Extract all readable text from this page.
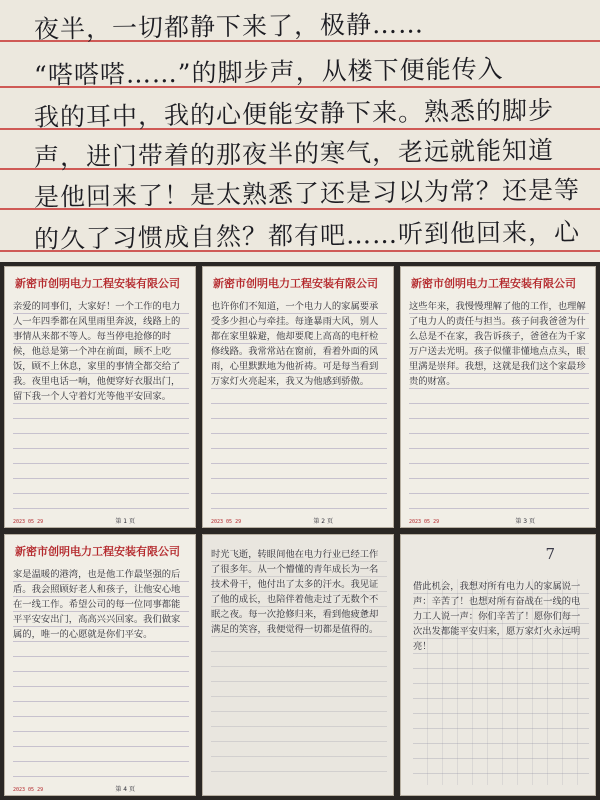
夜半，一切都静下来了，极静……
“嗒嗒嗒……”的脚步声，从楼下便能传入
我的耳中，我的心便能安静下来。熟悉的脚步
声，进门带着的那夜半的寒气，老远就能知道
是他回来了！是太熟悉了还是习以为常？还是等
的久了习惯成自然？都有吧……听到他回来，心
新密市创明电力工程安装有限公司
亲爱的同事们，大家好！一个工作的电力人一年四季都在风里雨里奔波，线路上的事情从来都不等人。每当停电抢修的时候，他总是第一个冲在前面，顾不上吃饭，顾不上休息，家里的事情全都交给了我。夜里电话一响，他便穿好衣服出门，留下我一个人守着灯光等他平安回家。
2023 05 29	第 1 页
新密市创明电力工程安装有限公司
也许你们不知道，一个电力人的家属要承受多少担心与牵挂。每逢暴雨大风，别人都在家里躲避，他却要爬上高高的电杆检修线路。我常常站在窗前，看着外面的风雨，心里默默地为他祈祷。可是每当看到万家灯火亮起来，我又为他感到骄傲。
2023 05 29	第 2 页
新密市创明电力工程安装有限公司
这些年来，我慢慢理解了他的工作，也理解了电力人的责任与担当。孩子问我爸爸为什么总是不在家，我告诉孩子，爸爸在为千家万户送去光明。孩子似懂非懂地点点头，眼里满是崇拜。我想，这就是我们这个家最珍贵的财富。
2023 05 29	第 3 页
新密市创明电力工程安装有限公司
家是温暖的港湾，也是他工作最坚强的后盾。我会照顾好老人和孩子，让他安心地在一线工作。希望公司的每一位同事都能平平安安出门，高高兴兴回家。我们做家属的，唯一的心愿就是你们平安。
2023 05 29	第 4 页
时光飞逝，转眼间他在电力行业已经工作了很多年。从一个懵懂的青年成长为一名技术骨干，他付出了太多的汗水。我见证了他的成长，也陪伴着他走过了无数个不眠之夜。每一次抢修归来，看到他疲惫却满足的笑容，我便觉得一切都是值得的。
7
借此机会，我想对所有电力人的家属说一声：辛苦了！也想对所有奋战在一线的电力工人说一声：你们辛苦了！愿你们每一次出发都能平安归来，愿万家灯火永远明亮！
